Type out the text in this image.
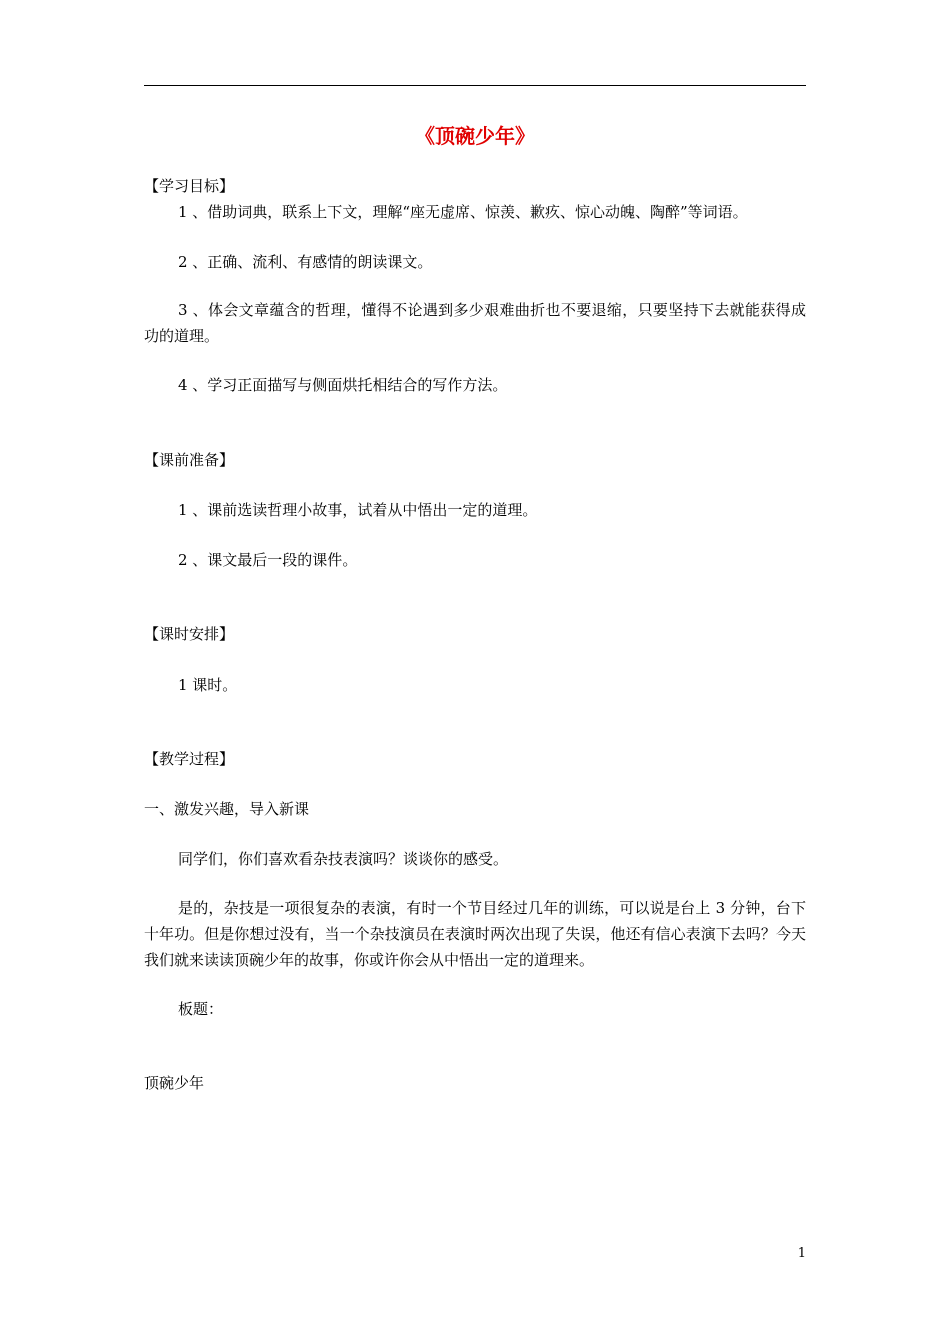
《顶碗少年》
【学习目标】
1 、借助词典，联系上下文，理解“座无虚席、惊羡、歉疚、惊心动魄、陶醉”等词语。
2 、正确、流利、有感情的朗读课文。
3 、体会文章蕴含的哲理，懂得不论遇到多少艰难曲折也不要退缩，只要坚持下去就能获得成功的道理。
4 、学习正面描写与侧面烘托相结合的写作方法。
【课前准备】
1 、课前选读哲理小故事，试着从中悟出一定的道理。
2 、课文最后一段的课件。
【课时安排】
1 课时。
【教学过程】
一、激发兴趣，导入新课
同学们，你们喜欢看杂技表演吗？谈谈你的感受。
是的，杂技是一项很复杂的表演，有时一个节目经过几年的训练，可以说是台上 3 分钟，台下十年功。但是你想过没有，当一个杂技演员在表演时两次出现了失误，他还有信心表演下去吗？今天我们就来读读顶碗少年的故事，你或许你会从中悟出一定的道理来。
板题：
顶碗少年
1
